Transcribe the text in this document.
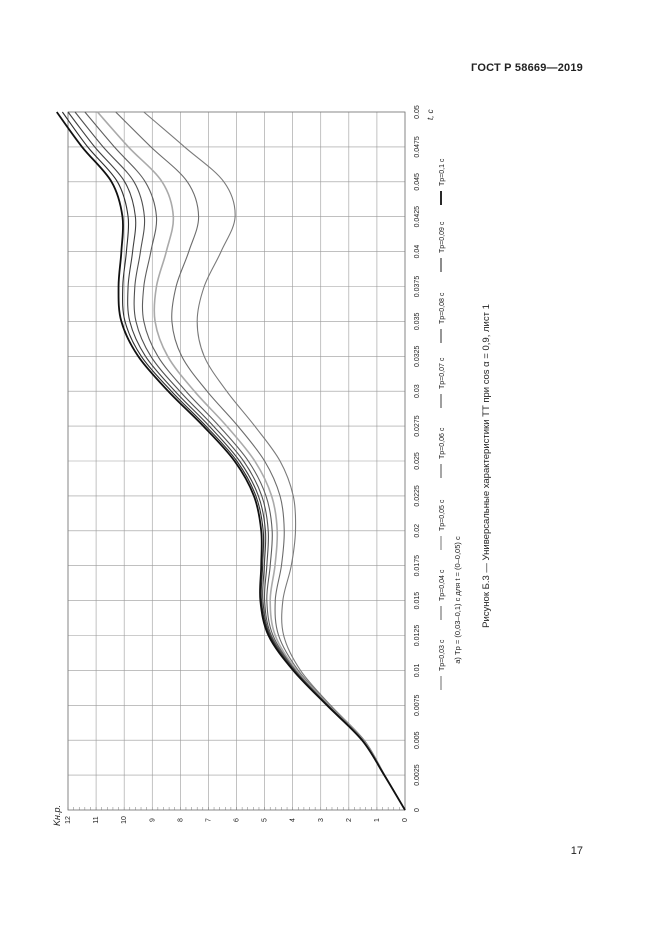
ГОСТ Р 58669—2019
0
0.0025
0.005
0.0075
0.01
0.0125
0.015
0.0175
0.02
0.0225
0.025
0.0275
0.03
0.0325
0.035
0.0375
0.04
0.0425
0.045
0.0475
0.05
0
1
2
3
4
5
6
7
8
9
10
11
12
t, с
Kн.р.
Tр=0,03 с
Tр=0,04 с
Tр=0,05 с
Tр=0,06 с
Tр=0,07 с
Tр=0,08 с
Tр=0,09 с
Tр=0,1 с
а) Tр = (0,03–0,1) с для t = (0–0,05) с Рисунок Б.3 — Универсальные характеристики ТТ при cos α = 0,9, лист 1
17
